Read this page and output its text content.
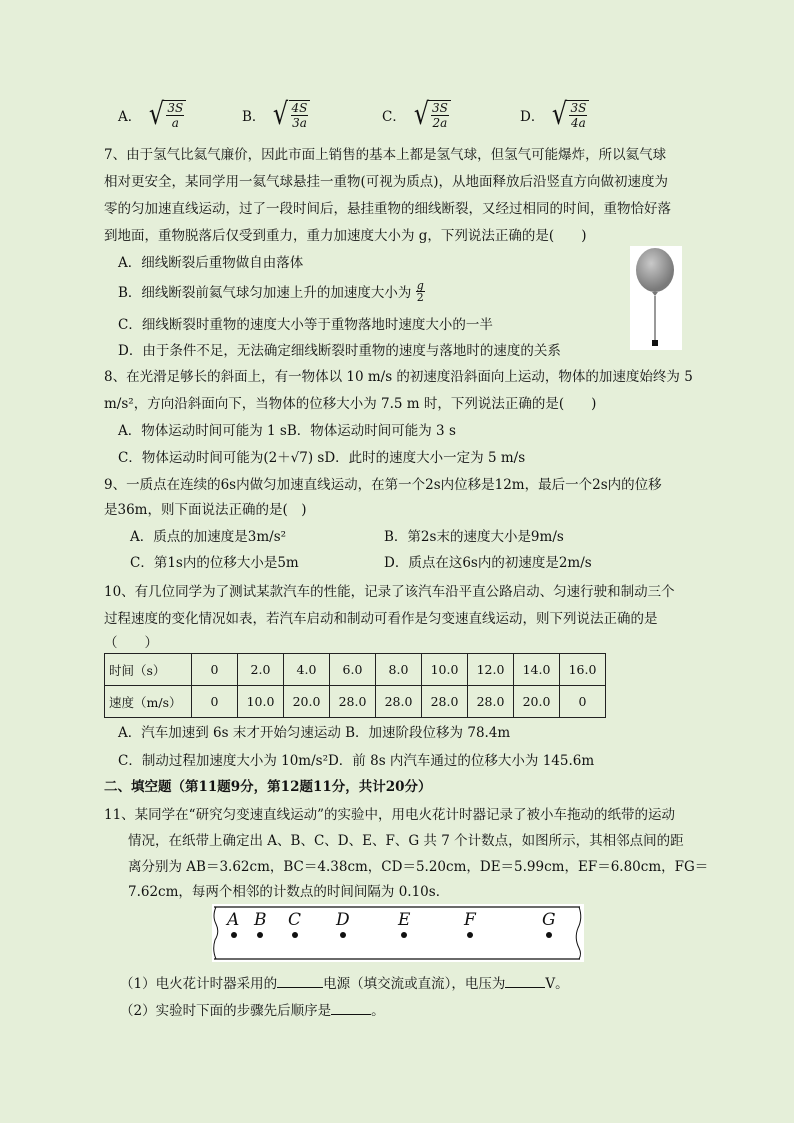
A． √ $\frac{3S}{a}$	B． √ $\frac{4S}{3a}$	C． √ $\frac{3S}{2a}$	D． √ $\frac{3S}{4a}$
7、由于氢气比氦气廉价，因此市面上销售的基本上都是氢气球，但氢气可能爆炸，所以氦气球
相对更安全，某同学用一氦气球悬挂一重物(可视为质点)，从地面释放后沿竖直方向做初速度为
零的匀加速直线运动，过了一段时间后，悬挂重物的细线断裂，又经过相同的时间，重物恰好落
到地面，重物脱落后仅受到重力，重力加速度大小为 g，下列说法正确的是(　　)
A．细线断裂后重物做自由落体
B．细线断裂前氦气球匀加速上升的加速度大小为 $\frac{g}{2}$
C．细线断裂时重物的速度大小等于重物落地时速度大小的一半
D．由于条件不足，无法确定细线断裂时重物的速度与落地时的速度的关系
8、在光滑足够长的斜面上，有一物体以 10 m/s 的初速度沿斜面向上运动，物体的加速度始终为 5
m/s²，方向沿斜面向下，当物体的位移大小为 7.5 m 时，下列说法正确的是(　　)
A．物体运动时间可能为 1 sB．物体运动时间可能为 3 s
C．物体运动时间可能为(2＋√7) sD．此时的速度大小一定为 5 m/s
9、一质点在连续的6s内做匀加速直线运动，在第一个2s内位移是12m，最后一个2s内的位移
是36m，则下面说法正确的是(　)
A．质点的加速度是3m/s²	B．第2s末的速度大小是9m/s
C．第1s内的位移大小是5m	D．质点在这6s内的初速度是2m/s
10、有几位同学为了测试某款汽车的性能，记录了该汽车沿平直公路启动、匀速行驶和制动三个
过程速度的变化情况如表，若汽车启动和制动可看作是匀变速直线运动，则下列说法正确的是
（　　）
时间（s）	0	2.0	4.0	6.0	8.0	10.0	12.0	14.0	16.0
速度（m/s）	0	10.0	20.0	28.0	28.0	28.0	28.0	20.0	0
A．汽车加速到 6s 末才开始匀速运动 B．加速阶段位移为 78.4m
C．制动过程加速度大小为 10m/s²D．前 8s 内汽车通过的位移大小为 145.6m
二、填空题（第11题9分，第12题11分，共计20分）
11、某同学在“研究匀变速直线运动”的实验中，用电火花计时器记录了被小车拖动的纸带的运动
情况，在纸带上确定出 A、B、C、D、E、F、G 共 7 个计数点，如图所示，其相邻点间的距
离分别为 AB＝3.62cm，BC＝4.38cm，CD＝5.20cm，DE＝5.99cm，EF＝6.80cm，FG＝
7.62cm，每两个相邻的计数点的时间间隔为 0.10s．
A B C D	E	F	G
（1）电火花计时器采用的	电源（填交流或直流），电压为	V。
（2）实验时下面的步骤先后顺序是	。
